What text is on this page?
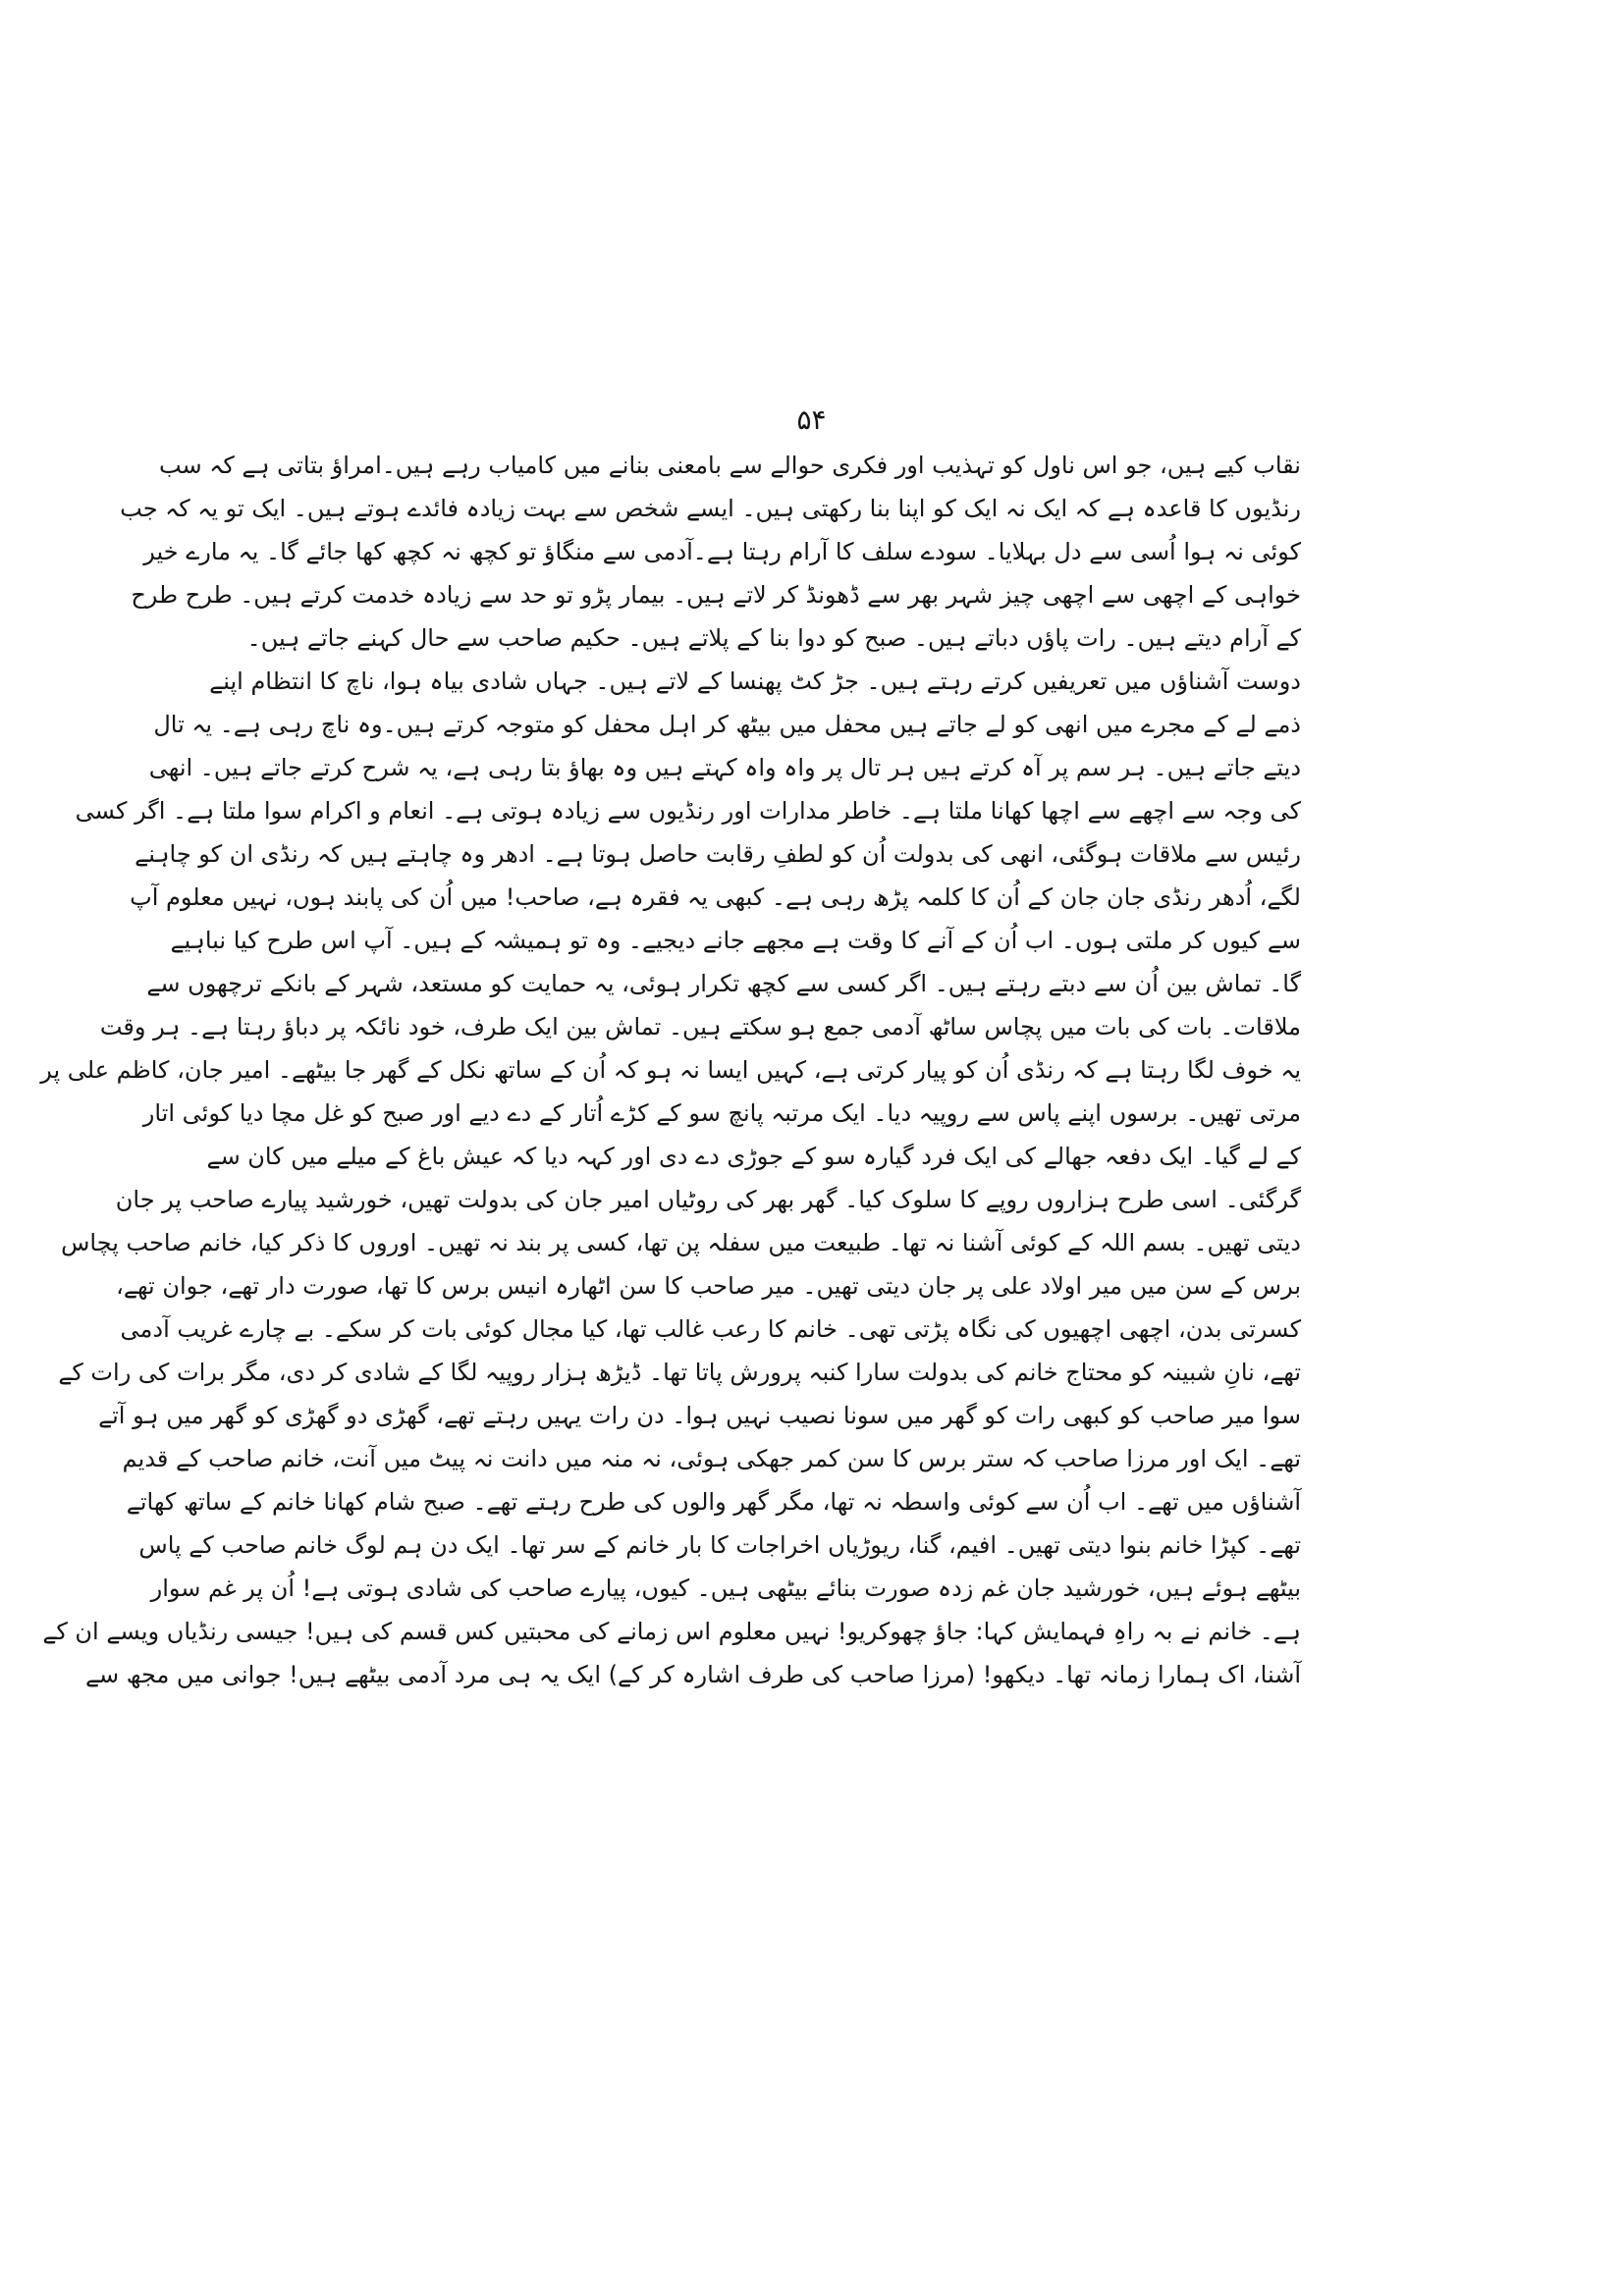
۵۴
نقاب کیے ہیں، جو اس ناول کو تہذیب اور فکری حوالے سے بامعنی بنانے میں کامیاب رہے ہیں۔امراؤ بتاتی ہے کہ سب
رنڈیوں کا قاعدہ ہے کہ ایک نہ ایک کو اپنا بنا رکھتی ہیں۔ ایسے شخص سے بہت زیادہ فائدے ہوتے ہیں۔ ایک تو یہ کہ جب
کوئی نہ ہوا اُسی سے دل بہلایا۔ سودے سلف کا آرام رہتا ہے۔آدمی سے منگاؤ تو کچھ نہ کچھ کھا جائے گا۔ یہ مارے خیر
خواہی کے اچھی سے اچھی چیز شہر بھر سے ڈھونڈ کر لاتے ہیں۔ بیمار پڑو تو حد سے زیادہ خدمت کرتے ہیں۔ طرح طرح
کے آرام دیتے ہیں۔ رات پاؤں دباتے ہیں۔ صبح کو دوا بنا کے پلاتے ہیں۔ حکیم صاحب سے حال کہنے جاتے ہیں۔
دوست آشناؤں میں تعریفیں کرتے رہتے ہیں۔ جڑ کٹ پھنسا کے لاتے ہیں۔ جہاں شادی بیاہ ہوا، ناچ کا انتظام اپنے
ذمے لے کے مجرے میں انھی کو لے جاتے ہیں محفل میں بیٹھ کر اہل محفل کو متوجہ کرتے ہیں۔وہ ناچ رہی ہے۔ یہ تال
دیتے جاتے ہیں۔ ہر سم پر آہ کرتے ہیں ہر تال پر واہ واہ کہتے ہیں وہ بھاؤ بتا رہی ہے، یہ شرح کرتے جاتے ہیں۔ انھی
کی وجہ سے اچھے سے اچھا کھانا ملتا ہے۔ خاطر مدارات اور رنڈیوں سے زیادہ ہوتی ہے۔ انعام و اکرام سوا ملتا ہے۔ اگر کسی
رئیس سے ملاقات ہوگئی، انھی کی بدولت اُن کو لطفِ رقابت حاصل ہوتا ہے۔ ادھر وہ چاہتے ہیں کہ رنڈی ان کو چاہنے
لگے، اُدھر رنڈی جان جان کے اُن کا کلمہ پڑھ رہی ہے۔ کبھی یہ فقرہ ہے، صاحب! میں اُن کی پابند ہوں، نہیں معلوم آپ
سے کیوں کر ملتی ہوں۔ اب اُن کے آنے کا وقت ہے مجھے جانے دیجیے۔ وہ تو ہمیشہ کے ہیں۔ آپ اس طرح کیا نباہیے
گا۔ تماش بین اُن سے دبتے رہتے ہیں۔ اگر کسی سے کچھ تکرار ہوئی، یہ حمایت کو مستعد، شہر کے بانکے ترچھوں سے
ملاقات۔ بات کی بات میں پچاس ساٹھ آدمی جمع ہو سکتے ہیں۔ تماش بین ایک طرف، خود نائکہ پر دباؤ رہتا ہے۔ ہر وقت
یہ خوف لگا رہتا ہے کہ رنڈی اُن کو پیار کرتی ہے، کہیں ایسا نہ ہو کہ اُن کے ساتھ نکل کے گھر جا بیٹھے۔ امیر جان، کاظم علی پر
مرتی تھیں۔ برسوں اپنے پاس سے روپیہ دیا۔ ایک مرتبہ پانچ سو کے کڑے اُتار کے دے دیے اور صبح کو غل مچا دیا کوئی اتار
کے لے گیا۔ ایک دفعہ جھالے کی ایک فرد گیارہ سو کے جوڑی دے دی اور کہہ دیا کہ عیش باغ کے میلے میں کان سے
گرگئی۔ اسی طرح ہزاروں روپے کا سلوک کیا۔ گھر بھر کی روٹیاں امیر جان کی بدولت تھیں، خورشید پیارے صاحب پر جان
دیتی تھیں۔ بسم اللہ کے کوئی آشنا نہ تھا۔ طبیعت میں سفلہ پن تھا، کسی پر بند نہ تھیں۔ اوروں کا ذکر کیا، خانم صاحب پچاس
برس کے سن میں میر اولاد علی پر جان دیتی تھیں۔ میر صاحب کا سن اٹھارہ انیس برس کا تھا، صورت دار تھے، جوان تھے،
کسرتی بدن، اچھی اچھیوں کی نگاہ پڑتی تھی۔ خانم کا رعب غالب تھا، کیا مجال کوئی بات کر سکے۔ بے چارے غریب آدمی
تھے، نانِ شبینہ کو محتاج خانم کی بدولت سارا کنبہ پرورش پاتا تھا۔ ڈیڑھ ہزار روپیہ لگا کے شادی کر دی، مگر برات کی رات کے
سوا میر صاحب کو کبھی رات کو گھر میں سونا نصیب نہیں ہوا۔ دن رات یہیں رہتے تھے، گھڑی دو گھڑی کو گھر میں ہو آتے
تھے۔ ایک اور مرزا صاحب کہ ستر برس کا سن کمر جھکی ہوئی، نہ منہ میں دانت نہ پیٹ میں آنت، خانم صاحب کے قدیم
آشناؤں میں تھے۔ اب اُن سے کوئی واسطہ نہ تھا، مگر گھر والوں کی طرح رہتے تھے۔ صبح شام کھانا خانم کے ساتھ کھاتے
تھے۔ کپڑا خانم بنوا دیتی تھیں۔ افیم، گنا، ریوڑیاں اخراجات کا بار خانم کے سر تھا۔ ایک دن ہم لوگ خانم صاحب کے پاس
بیٹھے ہوئے ہیں، خورشید جان غم زدہ صورت بنائے بیٹھی ہیں۔ کیوں، پیارے صاحب کی شادی ہوتی ہے! اُن پر غم سوار
ہے۔ خانم نے بہ راہِ فہمایش کہا: جاؤ چھوکریو! نہیں معلوم اس زمانے کی محبتیں کس قسم کی ہیں! جیسی رنڈیاں ویسے ان کے
آشنا، اک ہمارا زمانہ تھا۔ دیکھو! (مرزا صاحب کی طرف اشارہ کر کے) ایک یہ ہی مرد آدمی بیٹھے ہیں! جوانی میں مجھ سے
